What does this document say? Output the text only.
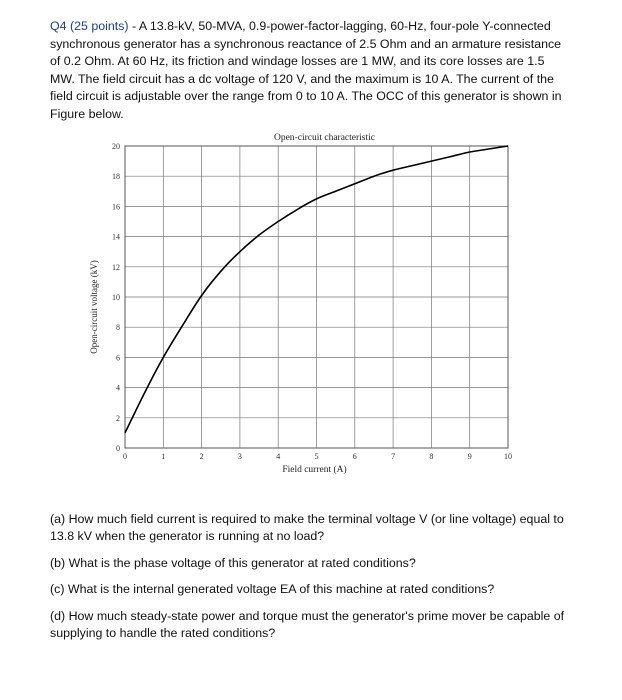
Q4 (25 points) - A 13.8-kV, 50-MVA, 0.9-power-factor-lagging, 60-Hz, four-pole Y-connected synchronous generator has a synchronous reactance of 2.5 Ohm and an armature resistance of 0.2 Ohm. At 60 Hz, its friction and windage losses are 1 MW, and its core losses are 1.5 MW. The field circuit has a dc voltage of 120 V, and the maximum is 10 A. The current of the field circuit is adjustable over the range from 0 to 10 A. The OCC of this generator is shown in Figure below.
0	1	2	3	4	5	6	7	8	9	10
0
2
4
6
8
10
12
14
16
18
20
Open-circuit characteristic
Field current (A)
Open-circuit voltage (kV)

(a) How much field current is required to make the terminal voltage V (or line voltage) equal to 13.8 kV when the generator is running at no load?

(b) What is the phase voltage of this generator at rated conditions?

(c) What is the internal generated voltage EA of this machine at rated conditions?

(d) How much steady-state power and torque must the generator's prime mover be capable of supplying to handle the rated conditions?
